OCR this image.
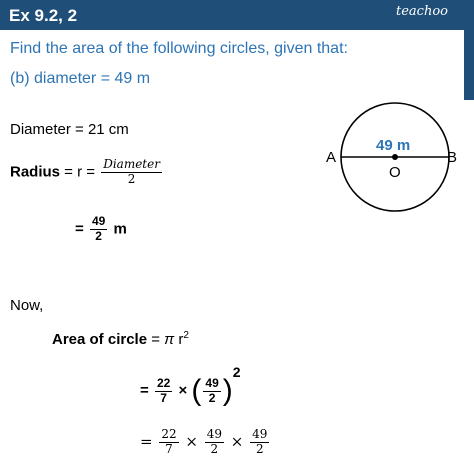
Ex 9.2, 2	teachoo
Find the area of the following circles, given that:
(b) diameter = 49 m
Diameter = 21 cm
Radius = $r = \frac{\text{Diameter}}{2}$
= $\frac{49}{2}$ m
Now,
Area of circle = π $r^2$
= $\frac{22}{7}$ × ( $\frac{49}{2} )2$
= $\frac{22}{7} \times \frac{49}{2} \times \frac{49}{2}$
49 m
A	B
O
